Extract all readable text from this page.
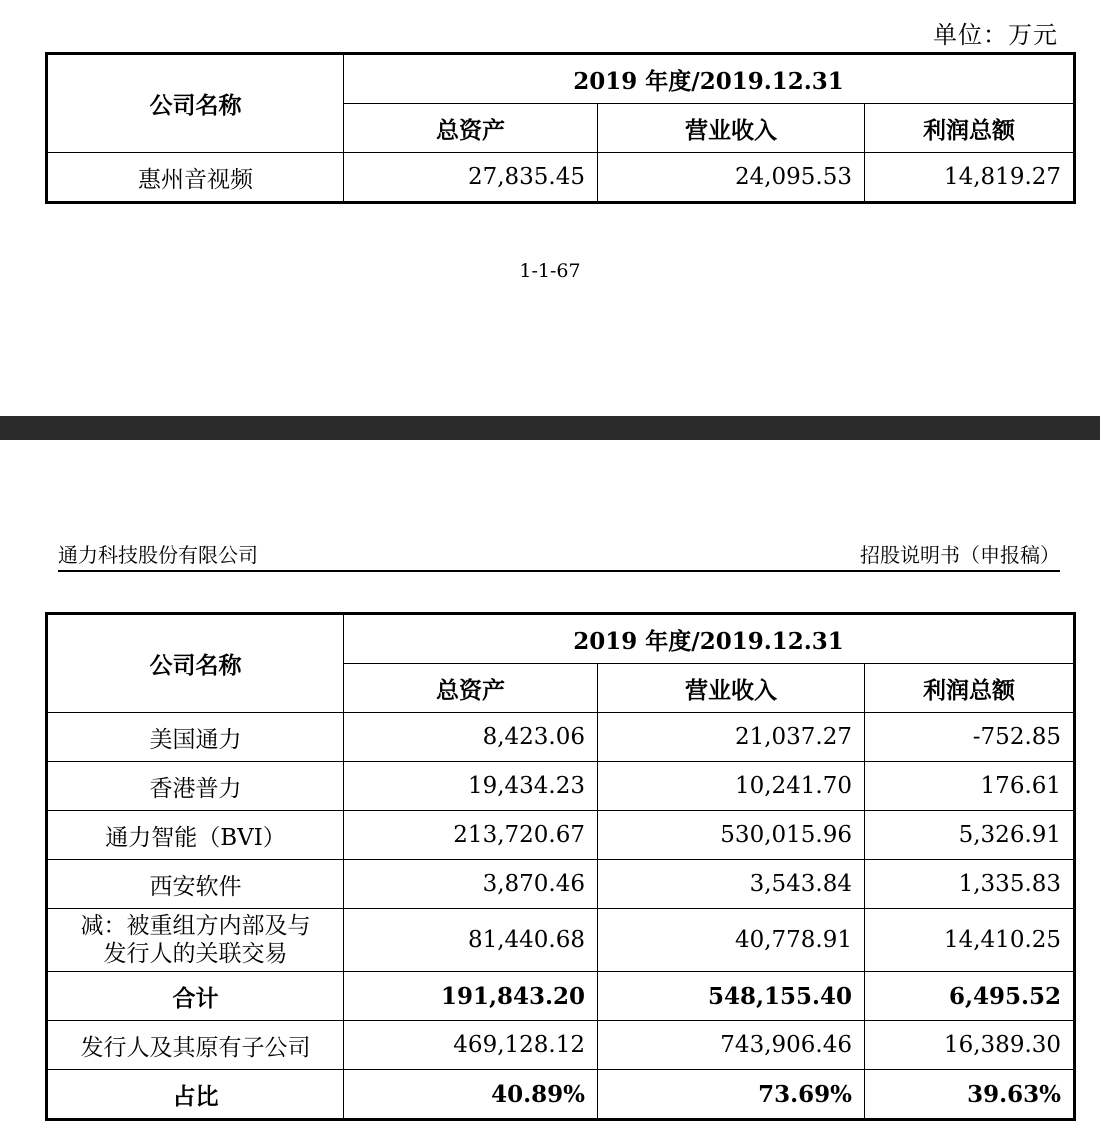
单位：万元
公司名称	2019 年度/2019.12.31		
	总资产	营业收入	利润总额
惠州音视频	27,835.45	24,095.53	14,819.27
1-1-67
通力科技股份有限公司	招股说明书（申报稿）
公司名称	2019 年度/2019.12.31		
	总资产	营业收入	利润总额
美国通力	8,423.06	21,037.27	-752.85
香港普力	19,434.23	10,241.70	176.61
通力智能（BVI）	213,720.67	530,015.96	5,326.91
西安软件	3,870.46	3,543.84	1,335.83

减：被重组方内部及与
发行人的关联交易	81,440.68	40,778.91	14,410.25
合计	191,843.20	548,155.40	6,495.52
发行人及其原有子公司	469,128.12	743,906.46	16,389.30
占比	40.89%	73.69%	39.63%
